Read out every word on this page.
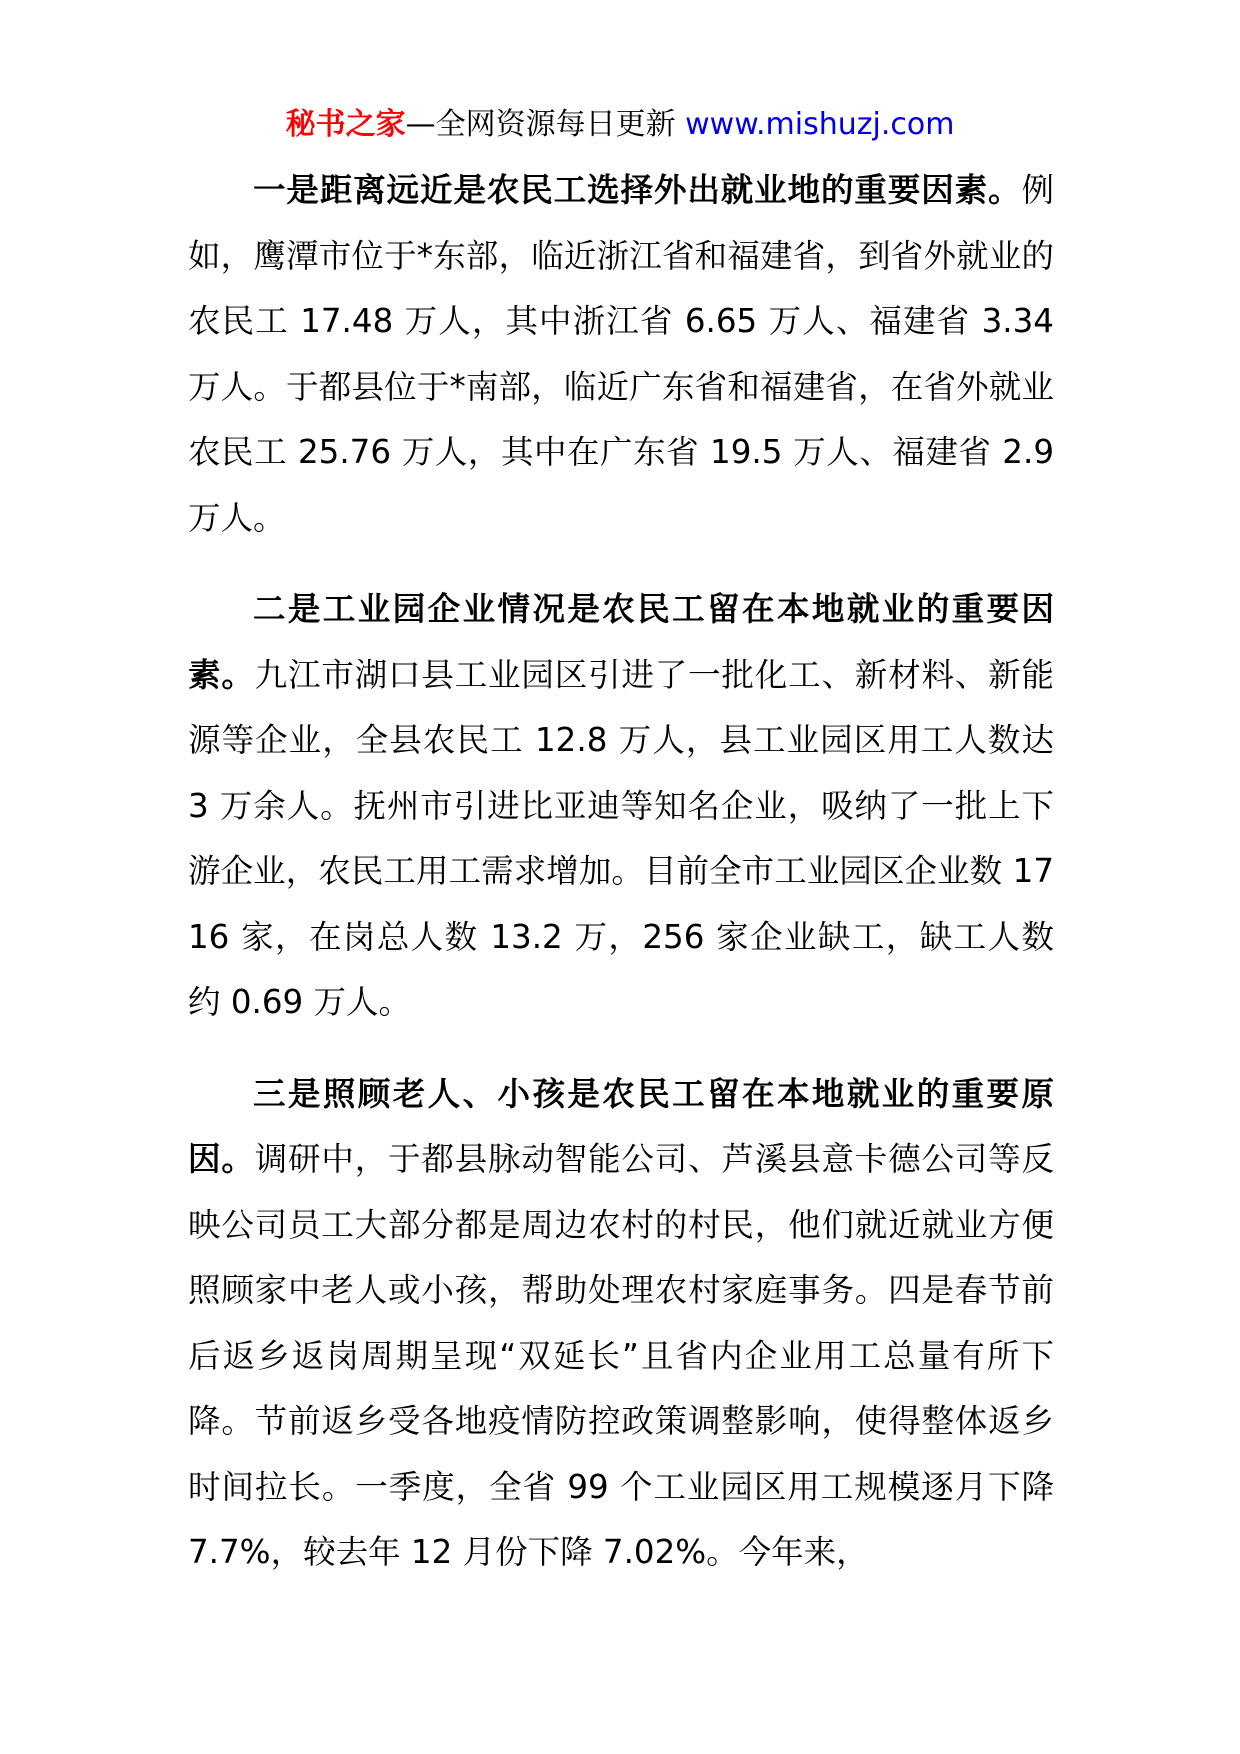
秘书之家—全网资源每日更新 www.mishuzj.com

一是距离远近是农民工选择外出就业地的重要因素。例如，鹰潭市位于*东部，临近浙江省和福建省，到省外就业的农民工 17.48 万人，其中浙江省 6.65 万人、福建省 3.34 万人。于都县位于*南部，临近广东省和福建省，在省外就业农民工 25.76 万人，其中在广东省 19.5 万人、福建省 2.9 万人。

二是工业园企业情况是农民工留在本地就业的重要因素。九江市湖口县工业园区引进了一批化工、新材料、新能源等企业，全县农民工 12.8 万人，县工业园区用工人数达 3 万余人。抚州市引进比亚迪等知名企业，吸纳了一批上下游企业，农民工用工需求增加。目前全市工业园区企业数 1716 家，在岗总人数 13.2 万，256 家企业缺工，缺工人数约 0.69 万人。

三是照顾老人、小孩是农民工留在本地就业的重要原因。调研中，于都县脉动智能公司、芦溪县意卡德公司等反映公司员工大部分都是周边农村的村民，他们就近就业方便照顾家中老人或小孩，帮助处理农村家庭事务。四是春节前后返乡返岗周期呈现“双延长”且省内企业用工总量有所下降。节前返乡受各地疫情防控政策调整影响，使得整体返乡时间拉长。一季度，全省 99 个工业园区用工规模逐月下降 7.7%，较去年 12 月份下降 7.02%。今年来，
